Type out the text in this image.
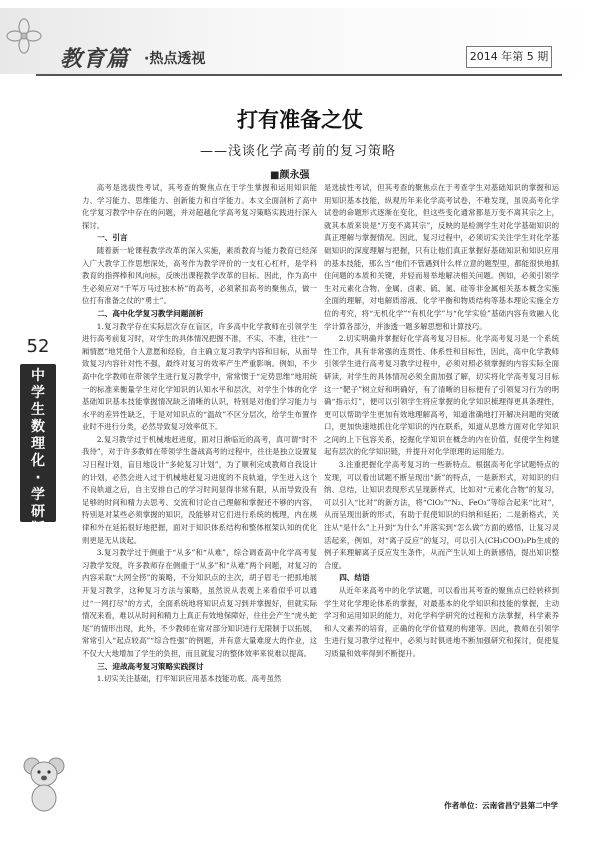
教育篇 ·热点透视	2014 年第 5 期
52
中
学
生
数
理
化
·
学
研
版
打有准备之仗
——浅谈化学高考前的复习策略
■颜永强

高考是选拔性考试，其考查的聚焦点在于学生掌握和运用知识能力、学习能力、思维能力、创新能力和自学能力。本文全面剖析了高中化学复习教学中存在的问题，并对超越化学高考复习策略实践进行深入探讨。

一、引言

随着新一轮课程教学改革的深入实施，素质教育与能力教育已经深入广大教学工作思想深处，高考作为教学评价的一支杠心杠杆，是学科教育的指挥棒和风向标，反映出课程教学改革的目标。因此，作为高中生必须应对“千军万马过独木桥”的高考，必须紧扣高考的聚焦点，做一位打有准备之仗的“勇士”。

二、高中化学复习教学问题剖析

1.复习教学存在实际层次存在盲区，许多高中化学教师在引领学生进行高考前复习时，对学生的具体情况把握不准，不实、不准，往往“一厢情愿”地凭借个人意愿和经验，自主确立复习教学内容和目标，从而导致复习内容针对性不强，最终对复习的效率产生严重影响。例如，不少高中化学教师在带领学生进行复习教学中，常常惯于“定势思维”地用统一的标准来衡量学生对化学知识的认知水平和层次，对学生个体的化学基础知识基本技能掌握情况缺乏清晰的认识，特别是对他们学习能力与水平的差异性缺乏，于是对知识点的“温故”不区分层次，给学生布置作业时不进行分类，必然导致复习效率低下。

2.复习教学过于机械地赶进度，面对日渐临近的高考，真可谓“时不我待”，对于许多教师在带领学生备战高考的过程中，往往是独立设置复习日程计划，盲目地设计“多轮复习计划”，为了顺利完成教师自我设计的计划，必然会进入过于机械地赶复习进度的不良轨道，学生进入这个不良轨道之后，自主安排自己的学习时间显得非常有限，从而导致没有足够的时间和精力去思考、交流和讨论自己理解和掌握还不够的内容，特别是对某些必须掌握的知识，没能够对它们进行系统的梳理，内在规律和外在延拓很好地把握，面对于知识体系结构和整体框架认知的优化则更是无从谈起。

3.复习教学过于侧重于“从多”和“从难”，综合调查高中化学高考复习教学发现，许多教师存在侧重于“从多”和“从难”两个问题，对复习的内容采取“大网全捞”的策略，不分知识点的主次，胡子眉毛一把抓地展开复习教学，这种复习方法与策略，虽然说从表观上来看似乎可以通过“一网打尽”的方式，全面系统地将知识点复习到并掌握好，但就实际情况来看，难以从时间和精力上真正有效地保障好，往往会产生“虎头蛇尾”的情形出现，此外，不少教师在常对部分知识进行无限制于以拓展，常常引入“起点较高”“综合性强”的例题，并有意大量难度大的作业，这不仅大大地增加了学生的负担，而且就复习的整体效率来说难以提高。

三、迎战高考复习策略实践探讨

1.切实关注基础，打牢知识应用基本技能功底。高考虽然

是选拔性考试，但其考查的聚焦点在于考查学生对基础知识的掌握和运用知识基本技能，纵观历年来化学高考试卷，不难发现，虽说高考化学试卷的命题形式逐渐在变化，但这些变化通常都是万变不离其宗之上，就其本质来说是“万变不离其宗”，反映的是检测学生对化学基础知识的真正理解与掌握情况。因此，复习过程中，必须切实关注学生对化学基础知识的深度理解与把握，只有让他们真正掌握好基础知识和知识应用的基本技能，那么当“他们不管遇到什么样立意的题型里，都能很快地抓住问题的本质和关键，并轻而易举地解决相关问题。例如，必须引领学生对元素化合物、金属、卤素、硫、氮、硅等非金属相关基本概念实施全面的理解，对电解质溶液、化学平衡和物质结构等基本理论实施全方位的考究，将“无机化学”“有机化学”与“化学实验”基础内容有效融入化学计算各部分，并渗透一题多解思想和计算技巧。

2.切实明确并掌握好化学高考复习目标。化学高考复习是一个系统性工作，具有非常强的连贯性、体系性和目标性，因此，高中化学教师引领学生进行高考复习教学过程中，必须对照必须掌握的内容实际全面研读，对学生的具体情况必须全面加强了解，切实将化学高考复习目标这一“靶子”树立好和明确好，有了清晰的目标便有了引领复习行为的明确“指示灯”，便可以引领学生将应掌握的化学知识梳理得更具条理性，更可以帮助学生更加有效地理解高考，知道准确地打开解决问题的突破口，更加快速地抓住化学知识的内在联系，知道从思维方面对化学知识之间的上下包容关系，挖掘化学知识在概念的内在价值，促使学生构建起有层次的化学知识链，并提升对化学原理的运用能力。

3.注重把握化学高考复习的一些新特点。根据高考化学试题特点的发现，可以看出试题不断呈现出“新”的特点，一是新形式，对知识的归纳、总结，让知识表现形式呈现新样式，比如对“元素化合物”的复习，可以引入“比对”的新方法，将“ClO₂”“N₂、FeO₃”等综合起来“比对”，从而呈现出新的形式，有助于促使知识的归纳和延拓；二是新格式，关注从“是什么”上升到“为什么”并落实到“怎么做”方面的感悟，让复习灵活起来，例如，对“离子反应”的复习，可以引入(CH₃COO)₂Pb生成的例子来理解离子反应发生条件，从而产生认知上的新感悟，提出知识整合度。

四、结语

从近年来高考中的化学试题，可以看出其考查的聚焦点已经转移到学生对化学理论体系的掌握，对最基本的化学知识和技能的掌握，主动学习和运用知识的能力，对化学科学研究的过程和方法掌握，科学素养和人文素养的培育，正确的化学价值观的构建等。因此，教师在引领学生进行复习教学过程中，必须与时俱进地不断加强研究和探讨，促使复习质量和效率得到不断提升。

作者单位：云南省昌宁县第二中学
